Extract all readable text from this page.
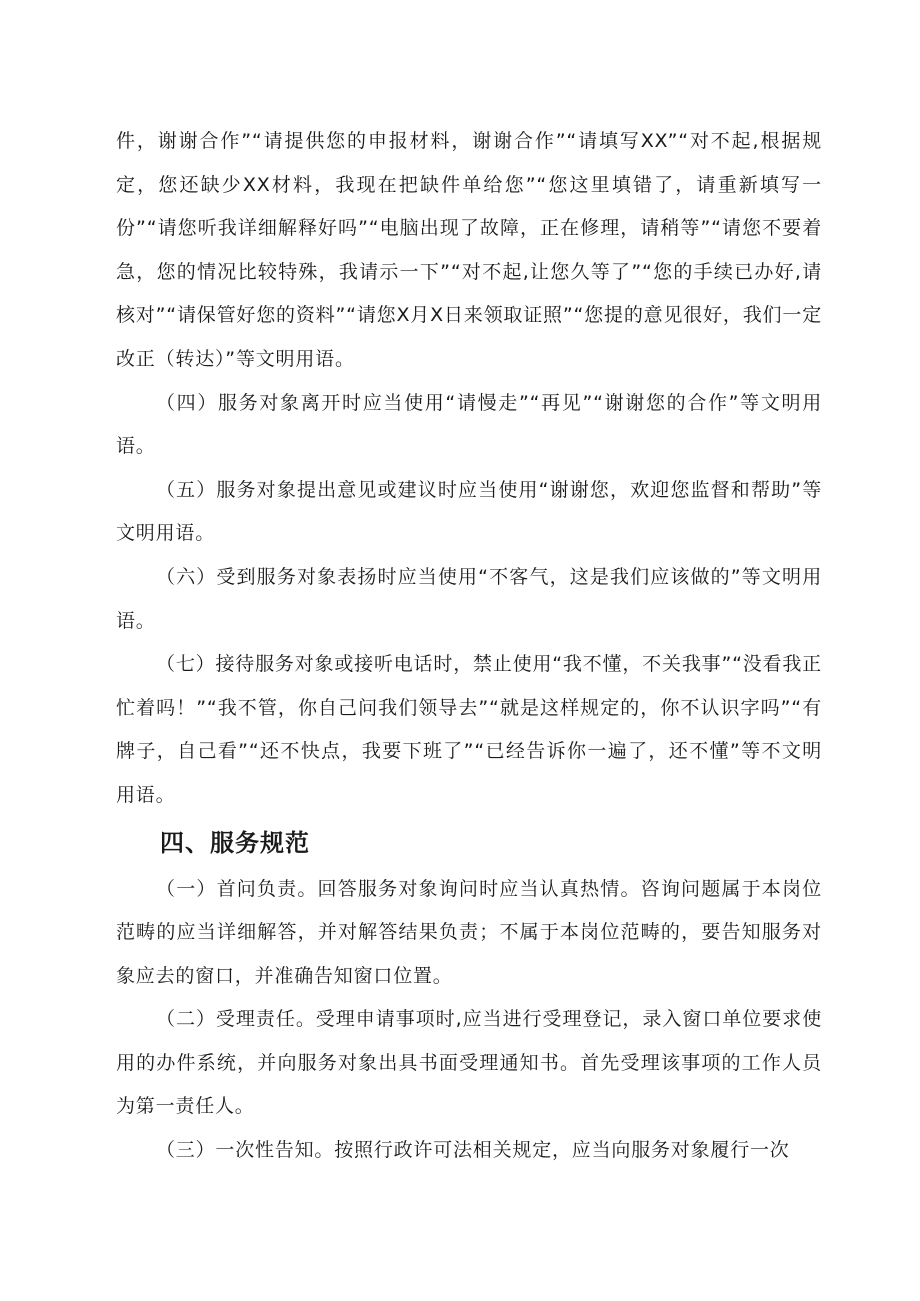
件，谢谢合作”“请提供您的申报材料，谢谢合作”“请填写XX”“对不起,根据规定，您还缺少XX材料，我现在把缺件单给您”“您这里填错了，请重新填写一份”“请您听我详细解释好吗”“电脑出现了故障，正在修理，请稍等”“请您不要着急，您的情况比较特殊，我请示一下”“对不起,让您久等了”“您的手续已办好,请核对”“请保管好您的资料”“请您X月X日来领取证照”“您提的意见很好，我们一定改正（转达）”等文明用语。

（四）服务对象离开时应当使用“请慢走”“再见”“谢谢您的合作”等文明用语。

（五）服务对象提出意见或建议时应当使用“谢谢您，欢迎您监督和帮助”等文明用语。

（六）受到服务对象表扬时应当使用“不客气，这是我们应该做的”等文明用语。

（七）接待服务对象或接听电话时，禁止使用“我不懂，不关我事”“没看我正忙着吗！”“我不管，你自己问我们领导去”“就是这样规定的，你不认识字吗”“有牌子，自己看”“还不快点，我要下班了”“已经告诉你一遍了，还不懂”等不文明用语。

四、服务规范

（一）首问负责。回答服务对象询问时应当认真热情。咨询问题属于本岗位范畴的应当详细解答，并对解答结果负责；不属于本岗位范畴的，要告知服务对象应去的窗口，并准确告知窗口位置。

（二）受理责任。受理申请事项时,应当进行受理登记，录入窗口单位要求使用的办件系统，并向服务对象出具书面受理通知书。首先受理该事项的工作人员为第一责任人。

（三）一次性告知。按照行政许可法相关规定，应当向服务对象履行一次
